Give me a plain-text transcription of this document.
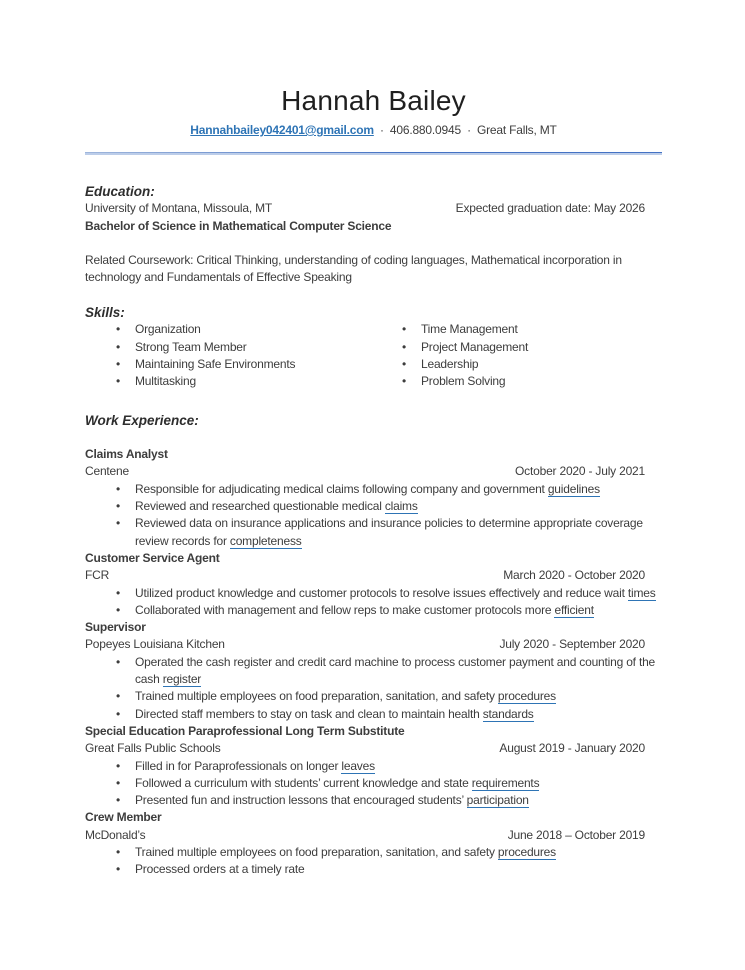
Hannah Bailey
Hannahbailey042401@gmail.com · 406.880.0945 · Great Falls, MT
Education:
University of Montana, Missoula, MT	Expected graduation date: May 2026
Bachelor of Science in Mathematical Computer Science
Related Coursework: Critical Thinking, understanding of coding languages, Mathematical incorporation in technology and Fundamentals of Effective Speaking
Skills:
• Organization
• Strong Team Member
• Maintaining Safe Environments
• Multitasking
• Time Management
• Project Management
• Leadership
• Problem Solving
Work Experience:
Claims Analyst
Centene	October 2020 - July 2021
• Responsible for adjudicating medical claims following company and government guidelines
• Reviewed and researched questionable medical claims
• Reviewed data on insurance applications and insurance policies to determine appropriate coverage review records for completeness
Customer Service Agent
FCR	March 2020 - October 2020
• Utilized product knowledge and customer protocols to resolve issues effectively and reduce wait times
• Collaborated with management and fellow reps to make customer protocols more efficient
Supervisor
Popeyes Louisiana Kitchen	July 2020 - September 2020
• Operated the cash register and credit card machine to process customer payment and counting of the cash register
• Trained multiple employees on food preparation, sanitation, and safety procedures
• Directed staff members to stay on task and clean to maintain health standards
Special Education Paraprofessional Long Term Substitute
Great Falls Public Schools	August 2019 - January 2020
• Filled in for Paraprofessionals on longer leaves
• Followed a curriculum with students’ current knowledge and state requirements
• Presented fun and instruction lessons that encouraged students’ participation
Crew Member
McDonald’s	June 2018 – October 2019
• Trained multiple employees on food preparation, sanitation, and safety procedures
• Processed orders at a timely rate
